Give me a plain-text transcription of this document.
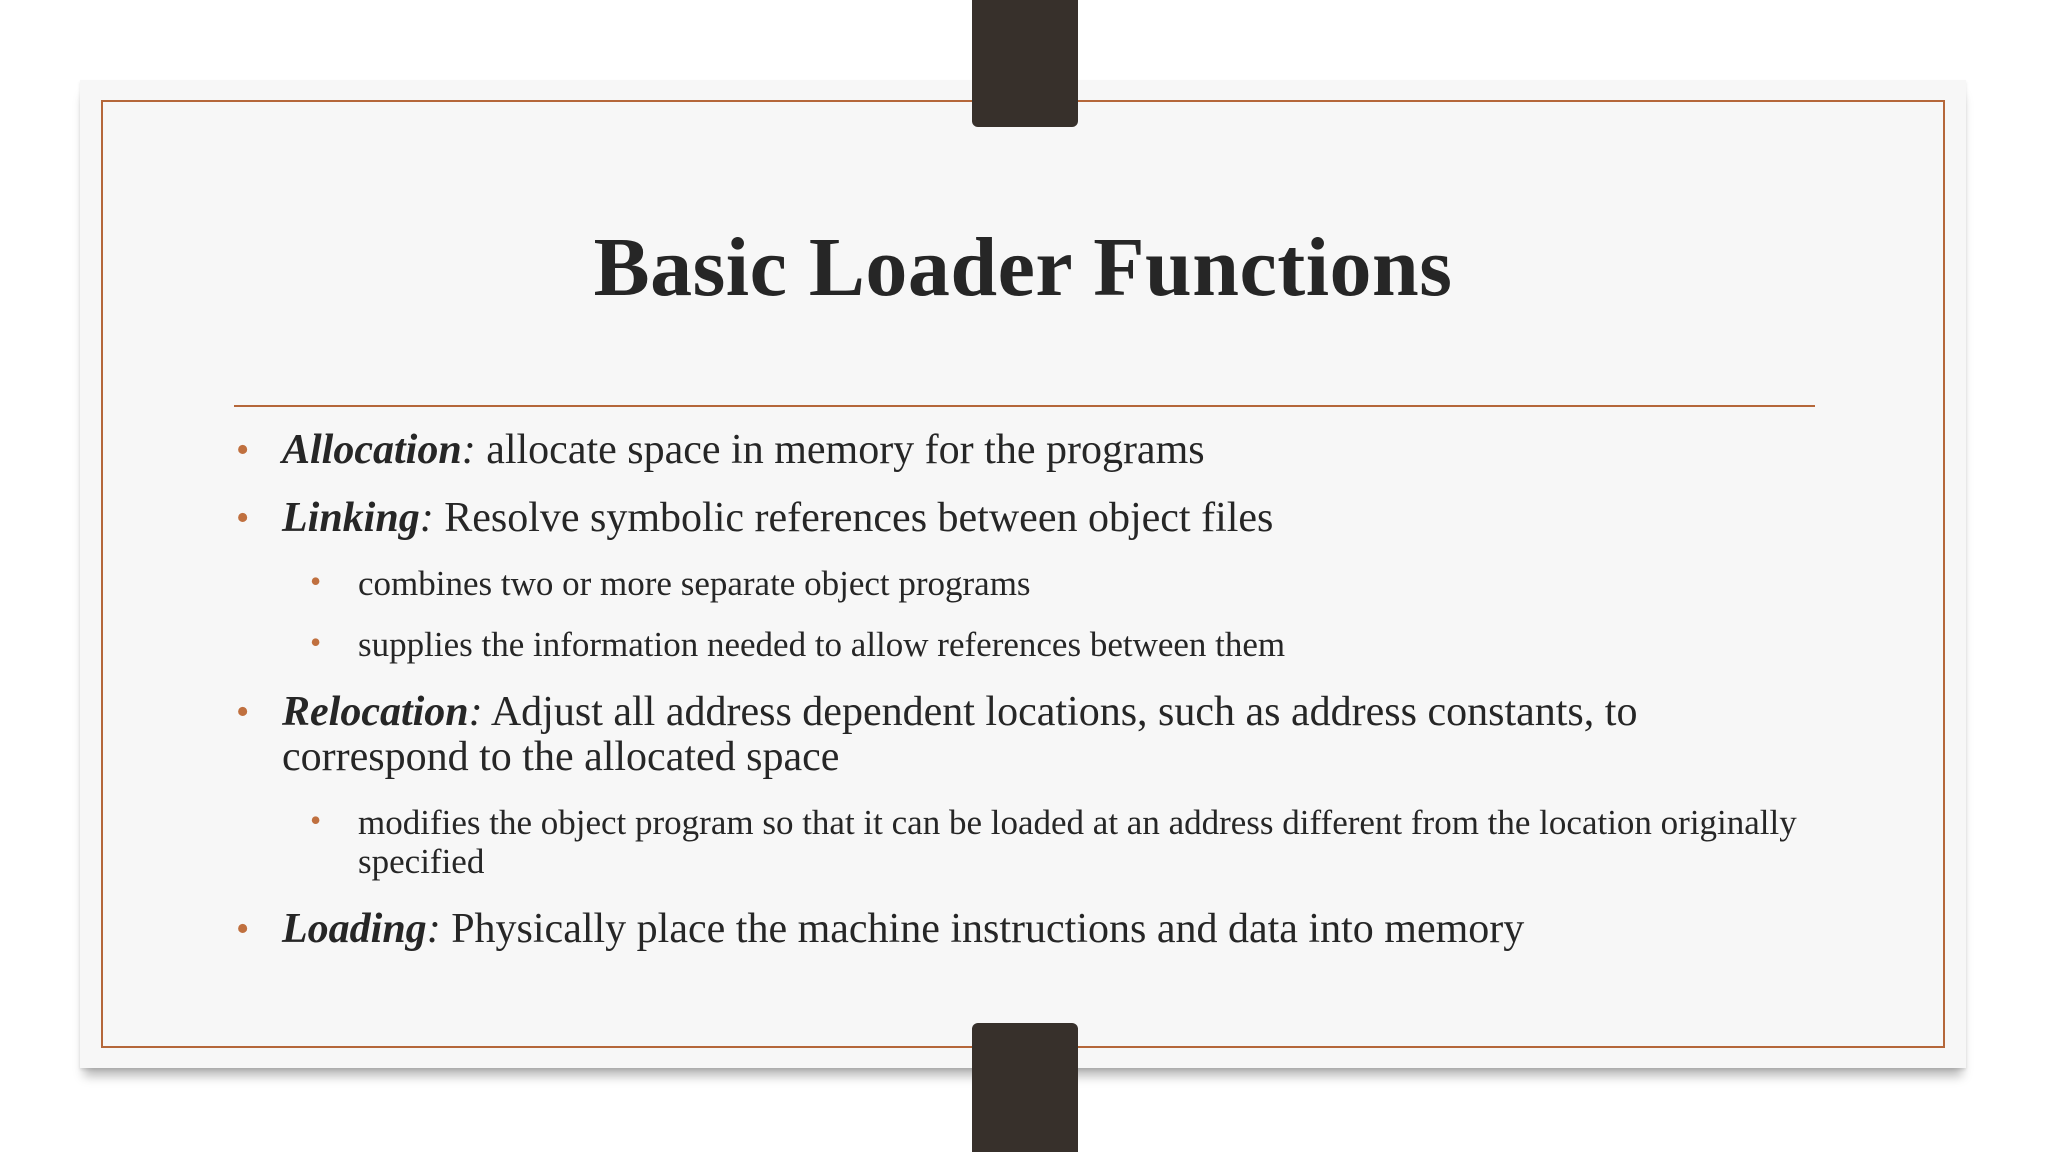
Basic Loader Functions
• Allocation: allocate space in memory for the programs
• Linking: Resolve symbolic references between object files
• combines two or more separate object programs
• supplies the information needed to allow references between them
• Relocation: Adjust all address dependent locations, such as address constants, to correspond to the allocated space
• modifies the object program so that it can be loaded at an address different from the location originally specified
• Loading: Physically place the machine instructions and data into memory
